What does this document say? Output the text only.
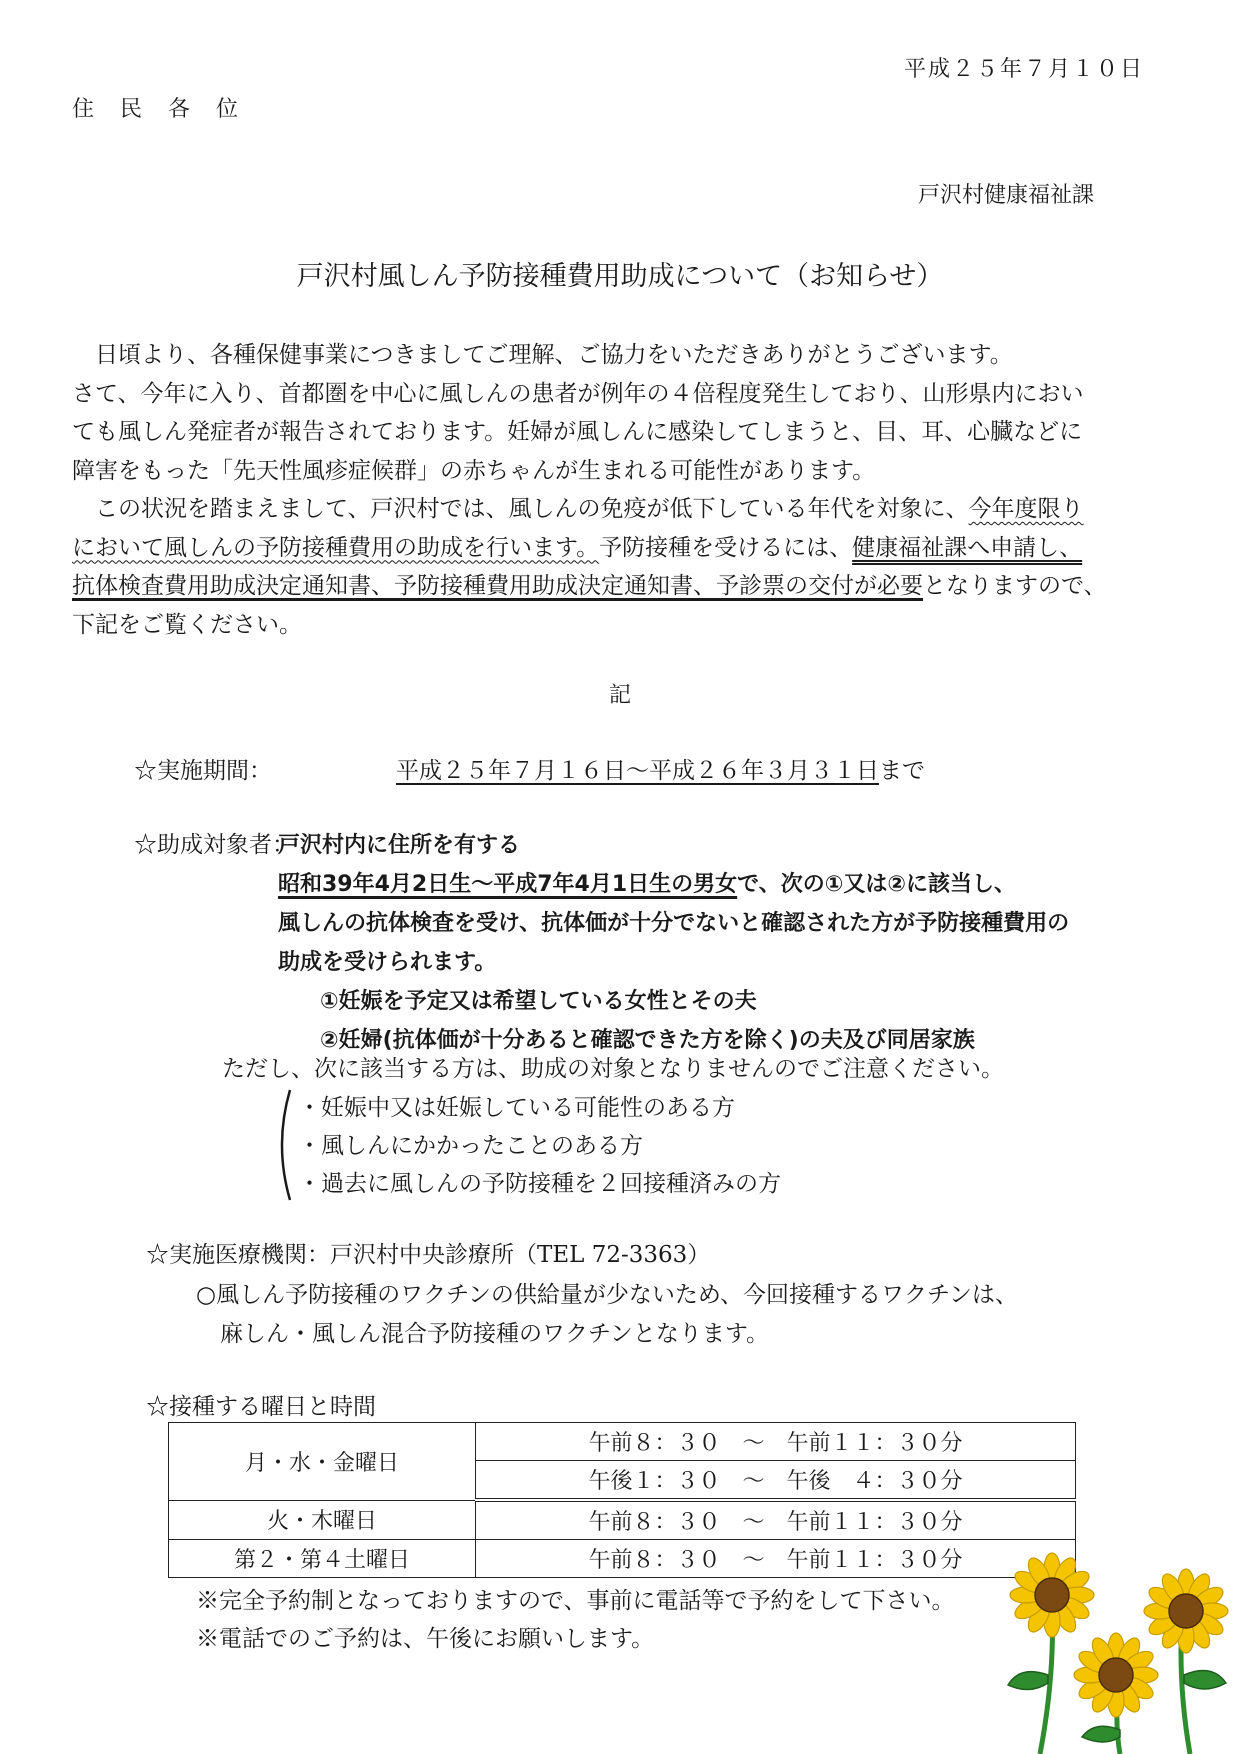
平成２５年７月１０日
住民各位
戸沢村健康福祉課
戸沢村風しん予防接種費用助成について（お知らせ）

　日頃より、各種保健事業につきましてご理解、ご協力をいただきありがとうございます。

さて、今年に入り、首都圏を中心に風しんの患者が例年の４倍程度発生しており、山形県内におい

ても風しん発症者が報告されております。妊婦が風しんに感染してしまうと、目、耳、心臓などに

障害をもった「先天性風疹症候群」の赤ちゃんが生まれる可能性があります。

　この状況を踏まえまして、戸沢村では、風しんの免疫が低下している年代を対象に、今年度限り

において風しんの予防接種費用の助成を行います。予防接種を受けるには、健康福祉課へ申請し、

抗体検査費用助成決定通知書、予防接種費用助成決定通知書、予診票の交付が必要となりますので、

下記をご覧ください。

記
☆実施期間：	平成２５年７月１６日～平成２６年３月３１日まで
☆助成対象者：
戸沢村内に住所を有する
昭和39年4月2日生～平成7年4月1日生の男女で、次の①又は②に該当し、
風しんの抗体検査を受け、抗体価が十分でないと確認された方が予防接種費用の
助成を受けられます。
①妊娠を予定又は希望している女性とその夫
②妊婦(抗体価が十分あると確認できた方を除く)の夫及び同居家族
ただし、次に該当する方は、助成の対象となりませんのでご注意ください。
・妊娠中又は妊娠している可能性のある方
・風しんにかかったことのある方
・過去に風しんの予防接種を２回接種済みの方
☆実施医療機関：戸沢村中央診療所（TEL 72-3363）
○風しん予防接種のワクチンの供給量が少ないため、今回接種するワクチンは、
麻しん・風しん混合予防接種のワクチンとなります。
☆接種する曜日と時間
月・水・金曜日	午前８：３０　～　午前１１：３０分
	午後１：３０　～　午後　４：３０分
火・木曜日	午前８：３０　～　午前１１：３０分
第２・第４土曜日	午前８：３０　～　午前１１：３０分
※完全予約制となっておりますので、事前に電話等で予約をして下さい。
※電話でのご予約は、午後にお願いします。
